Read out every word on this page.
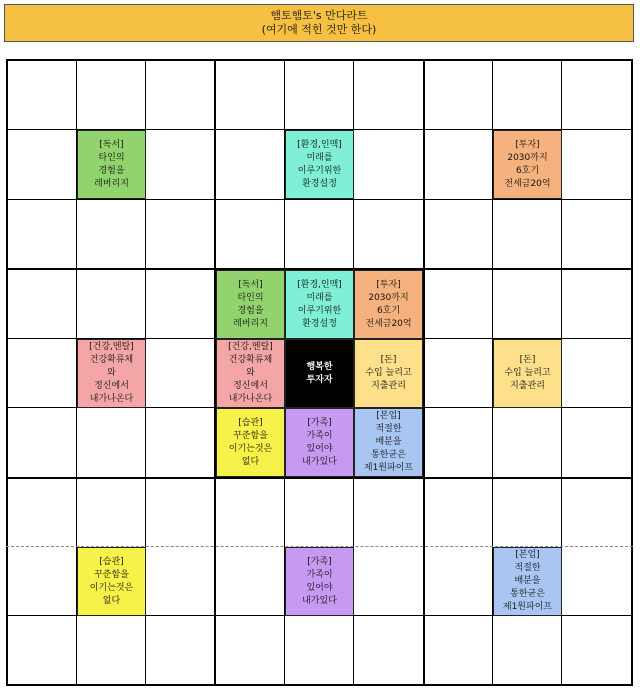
햄토햄토's 만다라트
(여기에 적힌 것만 한다)
[독서]
타인의
경험을
레버리지
[환경,인맥]
미래를
이루기위한
환경설정
[투자]
2030까지
6호기
전세금20억
[건강,멘탈]
건강확류체
와
정신에서
내가나온다
[돈]
수입 늘리고
지출관리
[습관]
꾸준함을
이기는것은
없다
[가족]
가족이
있어야
내가있다
[본업]
적절한
배분을
통한균은
제1원파이프
[독서]
타인의
경험을
레버리지
[환경,인맥]
미래를
이루기위한
환경설정
[투자]
2030까지
6호기
전세금20억
[건강,멘탈]
건강확류체
와
정신에서
내가나온다
행복한
투자자
[돈]
수입 늘리고
지출관리
[습관]
꾸준함을
이기는것은
없다
[가족]
가족이
있어야
내가있다
[본업]
적절한
배분을
통한균은
제1원파이프
